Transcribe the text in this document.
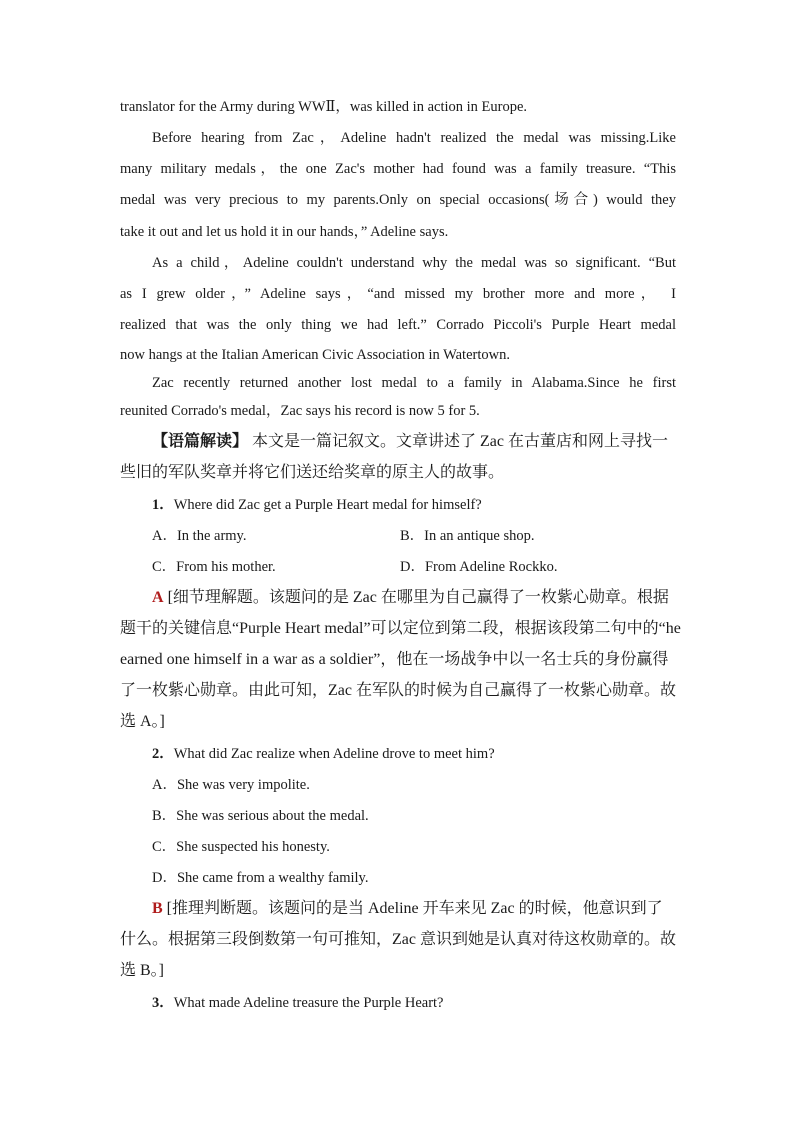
translator for the Army during WWⅡ，was killed in action in Europe.
Before hearing from Zac，Adeline hadn't realized the medal was missing.Like
many military medals，the one Zac's mother had found was a family treasure. “This
medal was very precious to my parents.Only on special occasions(场合) would they
take it out and let us hold it in our hands，” Adeline says.
As a child，Adeline couldn't understand why the medal was so significant. “But
as I grew older，” Adeline says，“and missed my brother more and more， I
realized that was the only thing we had left.” Corrado Piccoli's Purple Heart medal
now hangs at the Italian American Civic Association in Watertown.
Zac recently returned another lost medal to a family in Alabama.Since he first
reunited Corrado's medal，Zac says his record is now 5 for 5.
【语篇解读】 本文是一篇记叙文。文章讲述了 Zac 在古董店和网上寻找一
些旧的军队奖章并将它们送还给奖章的原主人的故事。
1．Where did Zac get a Purple Heart medal for himself?
A．In the army.	B．In an antique shop.
C．From his mother.	D．From Adeline Rockko.
A [细节理解题。该题问的是 Zac 在哪里为自己赢得了一枚紫心勋章。根据
题干的关键信息“Purple Heart medal”可以定位到第二段，根据该段第二句中的“he
earned one himself in a war as a soldier”，他在一场战争中以一名士兵的身份赢得
了一枚紫心勋章。由此可知，Zac 在军队的时候为自己赢得了一枚紫心勋章。故
选 A。]
2．What did Zac realize when Adeline drove to meet him?
A．She was very impolite.
B．She was serious about the medal.
C．She suspected his honesty.
D．She came from a wealthy family.
B [推理判断题。该题问的是当 Adeline 开车来见 Zac 的时候，他意识到了
什么。根据第三段倒数第一句可推知，Zac 意识到她是认真对待这枚勋章的。故
选 B。]
3．What made Adeline treasure the Purple Heart?
